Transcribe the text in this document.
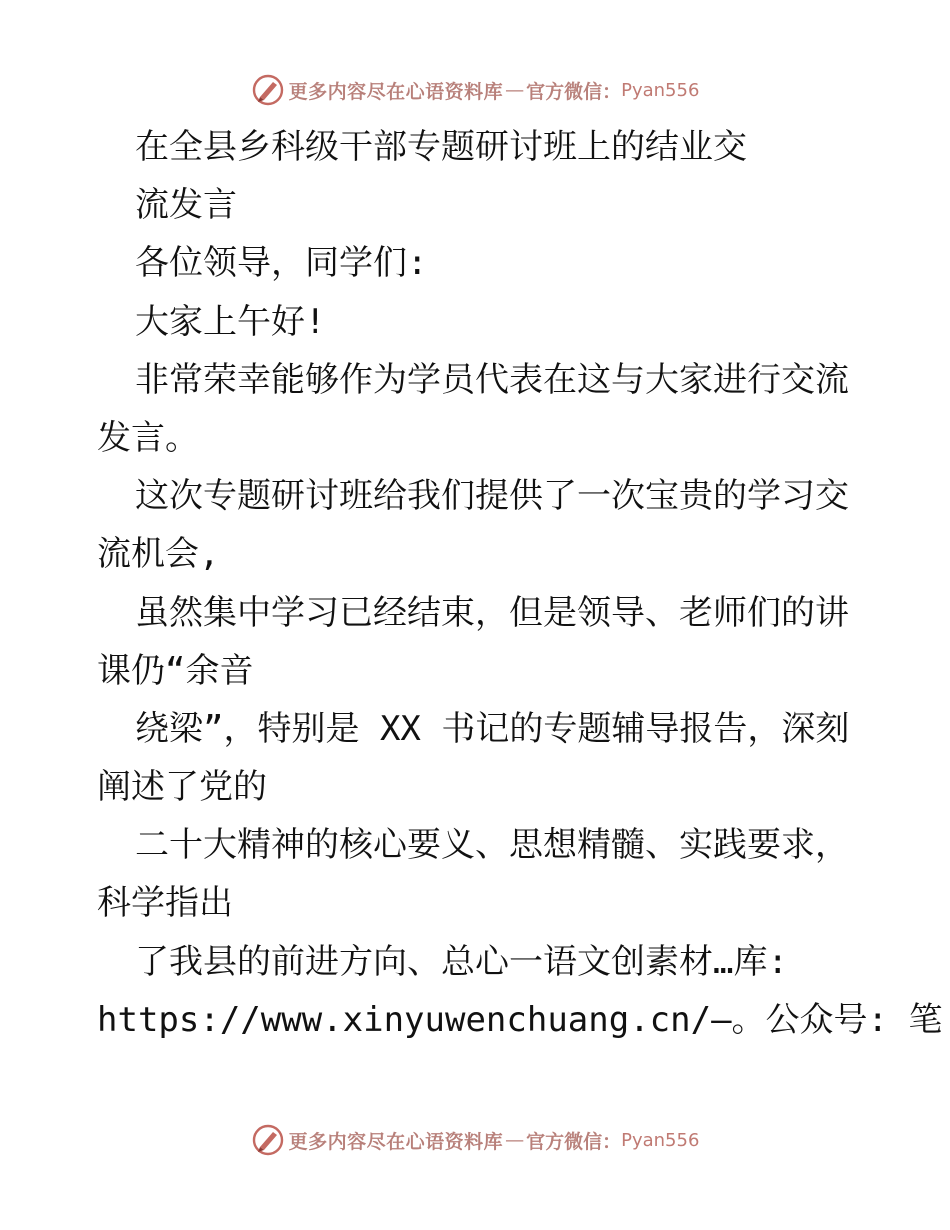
更多内容尽在心语资料库 — 官方微信： Pyan556
在全县乡科级干部专题研讨班上的结业交
流发言
各位领导，同学们:
大家上午好!
非常荣幸能够作为学员代表在这与大家进行交流
发言。
这次专题研讨班给我们提供了一次宝贵的学习交
流机会,
虽然集中学习已经结束，但是领导、老师们的讲
课仍“余音
绕梁”，特别是 XX 书记的专题辅导报告，深刻
阐述了党的
二十大精神的核心要义、思想精髓、实践要求，
科学指出
了我县的前进方向、总心一语文创素材…库:
https://www.xinyuwenchuang.cn/—。公众号: 笔
更多内容尽在心语资料库 — 官方微信： Pyan556
